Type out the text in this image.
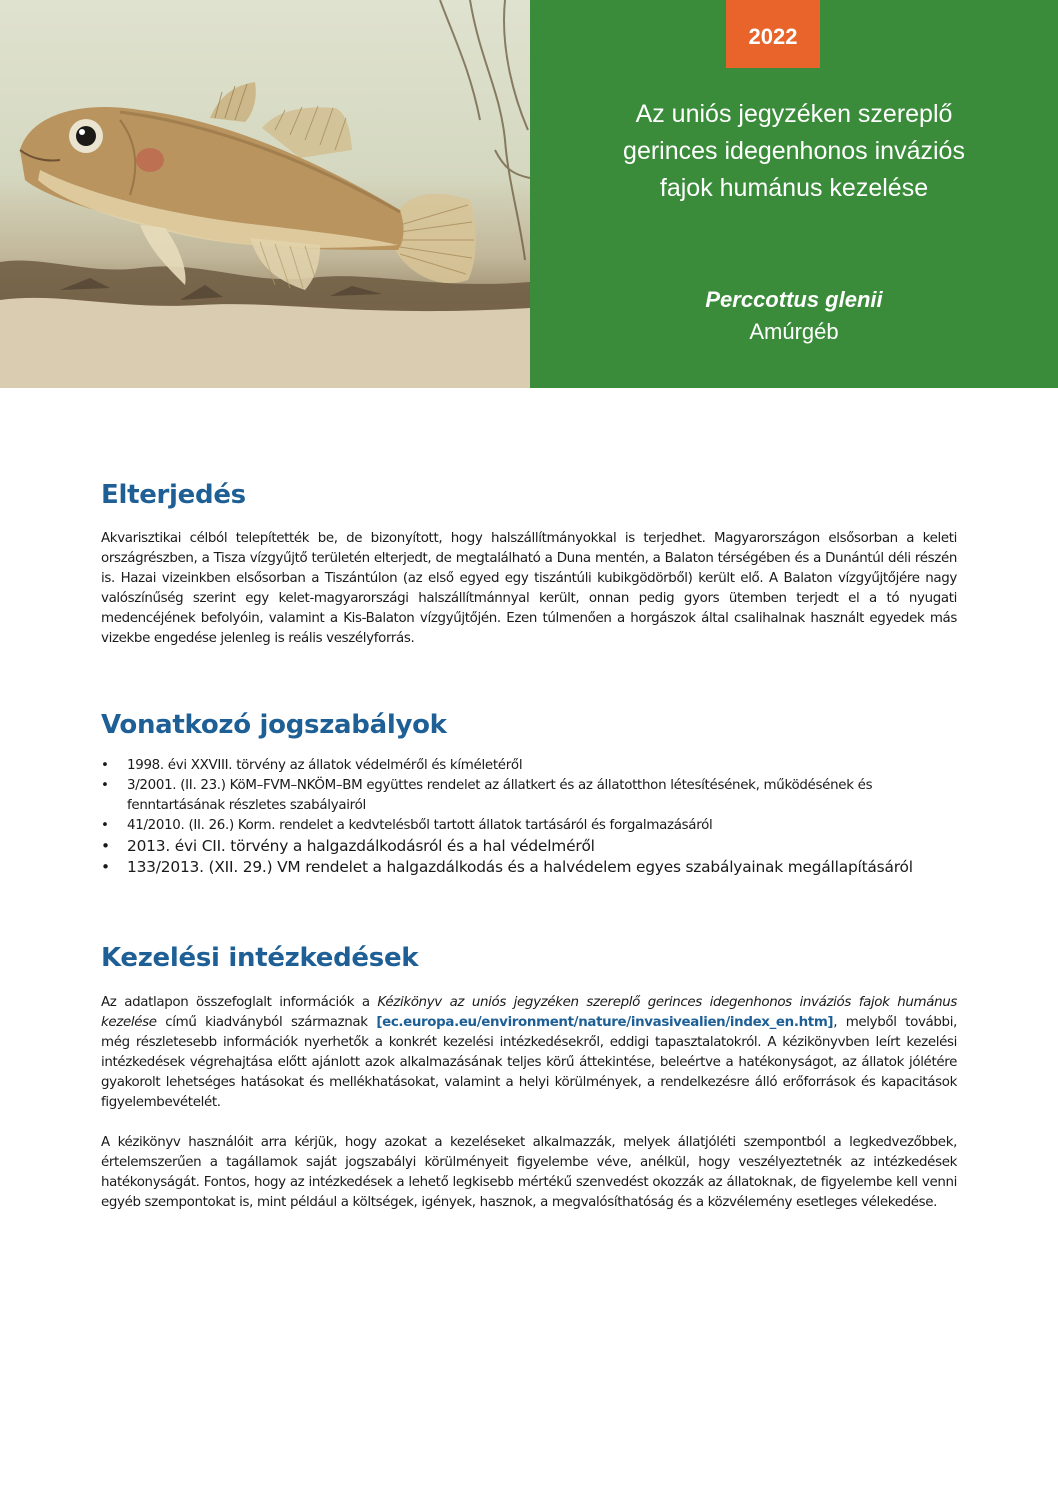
2022
Az uniós jegyzéken szereplő
gerinces idegenhonos inváziós
fajok humánus kezelése
Perccottus glenii
Amúrgéb
Elterjedés

Akvarisztikai célból telepítették be, de bizonyított, hogy halszállítmányokkal is terjedhet. Magyarországon elsősorban a keleti országrészben, a Tisza vízgyűjtő területén elterjedt, de megtalálható a Duna mentén, a Balaton térségében és a Dunántúl déli részén is. Hazai vizeinkben elsősorban a Tiszántúlon (az első egyed egy tiszántúli kubikgödörből) került elő. A Balaton vízgyűjtőjére nagy valószínűség szerint egy kelet-magyarországi halszállítmánnyal került, onnan pedig gyors ütemben terjedt el a tó nyugati medencéjének befolyóin, valamint a Kis-Balaton vízgyűjtőjén. Ezen túlmenően a horgászok által csalihalnak használt egyedek más vizekbe engedése jelenleg is reális veszélyforrás.

Vonatkozó jogszabályok
• 1998. évi XXVIII. törvény az állatok védelméről és kíméletéről
• 3/2001. (II. 23.) KöM–FVM–NKÖM–BM együttes rendelet az állatkert és az állatotthon létesítésének, működésének és fenntartásának részletes szabályairól
• 41/2010. (II. 26.) Korm. rendelet a kedvtelésből tartott állatok tartásáról és forgalmazásáról
• 2013. évi CII. törvény a halgazdálkodásról és a hal védelméről
• 133/2013. (XII. 29.) VM rendelet a halgazdálkodás és a halvédelem egyes szabályainak megállapításáról
Kezelési intézkedések

Az adatlapon összefoglalt információk a Kézikönyv az uniós jegyzéken szereplő gerinces idegenhonos inváziós fajok humánus kezelése című kiadványból származnak [ec.europa.eu/environment/nature/invasivealien/index_en.htm], melyből további, még részletesebb információk nyerhetők a konkrét kezelési intézkedésekről, eddigi tapasztalatokról. A kézikönyvben leírt kezelési intézkedések végrehajtása előtt ajánlott azok alkalmazásának teljes körű áttekintése, beleértve a hatékonyságot, az állatok jólétére gyakorolt lehetséges hatásokat és mellékhatásokat, valamint a helyi körülmények, a rendelkezésre álló erőforrások és kapacitások figyelembevételét.

A kézikönyv használóit arra kérjük, hogy azokat a kezeléseket alkalmazzák, melyek állatjóléti szempontból a legkedvezőbbek, értelemszerűen a tagállamok saját jogszabályi körülményeit figyelembe véve, anélkül, hogy veszélyeztetnék az intézkedések hatékonyságát. Fontos, hogy az intézkedések a lehető legkisebb mértékű szenvedést okozzák az állatoknak, de figyelembe kell venni egyéb szempontokat is, mint például a költségek, igények, hasznok, a megvalósíthatóság és a közvélemény esetleges vélekedése.
